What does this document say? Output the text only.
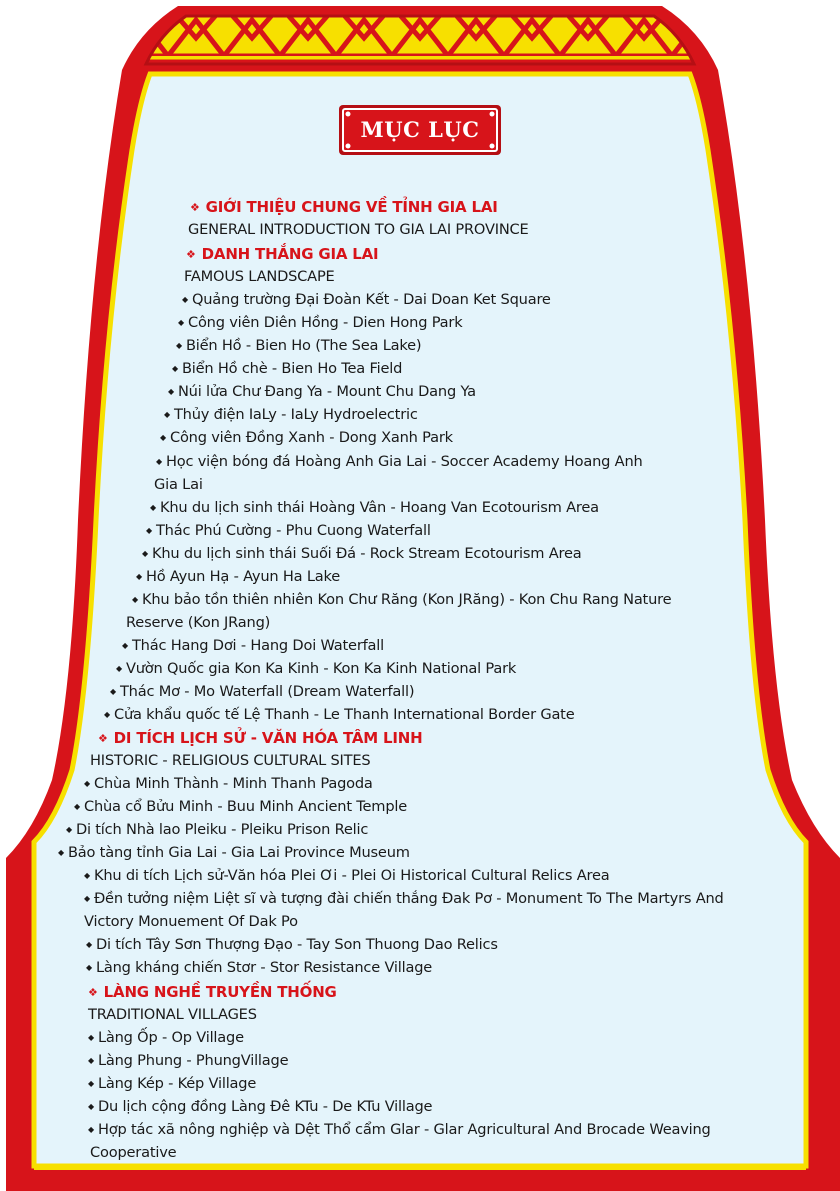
MỤC LỤC

❖ GIỚI THIỆU CHUNG VỀ TỈNH GIA LAI

GENERAL INTRODUCTION TO GIA LAI PROVINCE

❖ DANH THẮNG GIA LAI

FAMOUS LANDSCAPE

◆ Quảng trường Đại Đoàn Kết - Dai Doan Ket Square

◆ Công viên Diên Hồng - Dien Hong Park

◆ Biển Hồ - Bien Ho (The Sea Lake)

◆ Biển Hồ chè - Bien Ho Tea Field

◆ Núi lửa Chư Đang Ya - Mount Chu Dang Ya

◆ Thủy điện IaLy - IaLy Hydroelectric

◆ Công viên Đồng Xanh - Dong Xanh Park

◆ Học viện bóng đá Hoàng Anh Gia Lai - Soccer Academy Hoang Anh

Gia Lai

◆ Khu du lịch sinh thái Hoàng Vân - Hoang Van Ecotourism Area

◆ Thác Phú Cường - Phu Cuong Waterfall

◆ Khu du lịch sinh thái Suối Đá - Rock Stream Ecotourism Area

◆ Hồ Ayun Hạ - Ayun Ha Lake

◆ Khu bảo tồn thiên nhiên Kon Chư Răng (Kon JRăng) - Kon Chu Rang Nature

Reserve (Kon JRang)

◆ Thác Hang Dơi - Hang Doi Waterfall

◆ Vườn Quốc gia Kon Ka Kinh - Kon Ka Kinh National Park

◆ Thác Mơ - Mo Waterfall (Dream Waterfall)

◆ Cửa khẩu quốc tế Lệ Thanh - Le Thanh International Border Gate

❖ DI TÍCH LỊCH SỬ - VĂN HÓA TÂM LINH

HISTORIC - RELIGIOUS CULTURAL SITES

◆ Chùa Minh Thành - Minh Thanh Pagoda

◆ Chùa cổ Bửu Minh - Buu Minh Ancient Temple

◆ Di tích Nhà lao Pleiku - Pleiku Prison Relic

◆ Bảo tàng tỉnh Gia Lai - Gia Lai Province Museum

◆ Khu di tích Lịch sử-Văn hóa Plei Ơi - Plei Oi Historical Cultural Relics Area

◆ Đền tưởng niệm Liệt sĩ và tượng đài chiến thắng Đak Pơ - Monument To The Martyrs And

Victory Monuement Of Dak Po

◆ Di tích Tây Sơn Thượng Đạo - Tay Son Thuong Dao Relics

◆ Làng kháng chiến Stơr - Stor Resistance Village

❖ LÀNG NGHỀ TRUYỀN THỐNG

TRADITIONAL VILLAGES

◆ Làng Ốp - Op Village

◆ Làng Phung - PhungVillage

◆ Làng Kép - Kép Village

◆ Du lịch cộng đồng Làng Đê KTu - De KTu Village

◆ Hợp tác xã nông nghiệp và Dệt Thổ cẩm Glar - Glar Agricultural And Brocade Weaving

Cooperative
